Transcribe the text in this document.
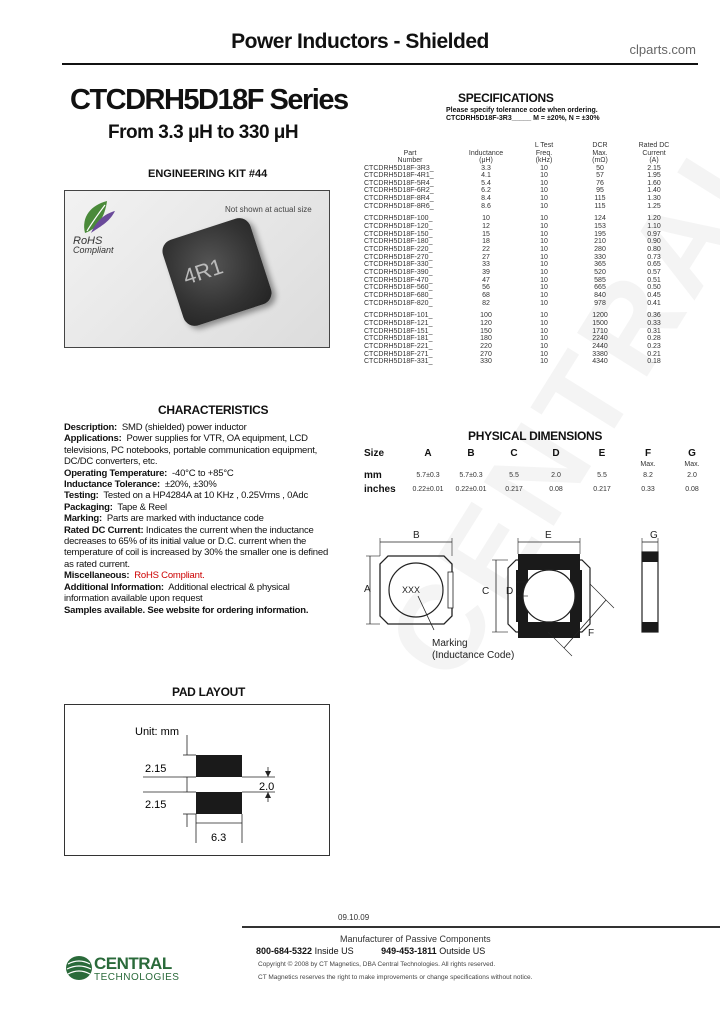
Power Inductors - Shielded	clparts.com
CTCDRH5D18F Series
From 3.3 μH to 330 μH
ENGINEERING KIT #44
Not shown at actual size
RoHS
Compliant
4R1
CHARACTERISTICS

Description: SMD (shielded) power inductor

Applications: Power supplies for VTR, OA equipment, LCD televisions, PC notebooks, portable communication equipment, DC/DC converters, etc.

Operating Temperature: -40°C to +85°C

Inductance Tolerance: ±20%, ±30%

Testing: Tested on a HP4284A at 10 KHz , 0.25Vrms , 0Adc

Packaging: Tape & Reel

Marking: Parts are marked with inductance code

Rated DC Current: Indicates the current when the inductance decreases to 65% of its initial value or D.C. current when the temperature of coil is increased by 30% the smaller one is defined as rated current.

Miscellaneous: RoHS Compliant.

Additional Information: Additional electrical & physical information available upon request

Samples available. See website for ordering information.

PAD LAYOUT
Unit: mm
2.15
2.15
2.0
6.3
SPECIFICATIONS
Please specify tolerance code when ordering.
CTCDRH5D18F-3R3_____ M = ±20%, N = ±30%
Part
Number	Inductance
(μH)	L Test
Freq.
(kHz)	DCR
Max.
(mΩ)	Rated DC
Current
(A)
CTCDRH5D18F-3R3_	3.3	10	50	2.15
CTCDRH5D18F-4R1_	4.1	10	57	1.95
CTCDRH5D18F-5R4_	5.4	10	76	1.60
CTCDRH5D18F-6R2_	6.2	10	95	1.40
CTCDRH5D18F-8R4_	8.4	10	115	1.30
CTCDRH5D18F-8R6_	8.6	10	115	1.25

CTCDRH5D18F-100_	10	10	124	1.20
CTCDRH5D18F-120_	12	10	153	1.10
CTCDRH5D18F-150_	15	10	195	0.97
CTCDRH5D18F-180_	18	10	210	0.90
CTCDRH5D18F-220_	22	10	280	0.80
CTCDRH5D18F-270_	27	10	330	0.73
CTCDRH5D18F-330_	33	10	365	0.65
CTCDRH5D18F-390_	39	10	520	0.57
CTCDRH5D18F-470_	47	10	585	0.51
CTCDRH5D18F-560_	56	10	665	0.50
CTCDRH5D18F-680_	68	10	840	0.45
CTCDRH5D18F-820_	82	10	978	0.41

CTCDRH5D18F-101_	100	10	1200	0.36
CTCDRH5D18F-121_	120	10	1500	0.33
CTCDRH5D18F-151_	150	10	1710	0.31
CTCDRH5D18F-181_	180	10	2240	0.28
CTCDRH5D18F-221_	220	10	2440	0.23
CTCDRH5D18F-271_	270	10	3380	0.21
CTCDRH5D18F-331_	330	10	4340	0.18
PHYSICAL DIMENSIONS
Size	A	B	C	D	E	F	G
						Max.	Max.
mm	5.7±0.3	5.7±0.3	5.5	2.0	5.5	8.2	2.0
inches	0.22±0.01	0.22±0.01	0.217	0.08	0.217	0.33	0.08
XXX
Marking
(Inductance Code)
A
B	E
C D
F
G
09.10.09
Manufacturer of Passive Components
800-684-5322 Inside US	949-453-1811 Outside US
Copyright © 2008 by CT Magnetics, DBA Central Technologies. All rights reserved.
CT Magnetics reserves the right to make improvements or change specifications without notice.
CENTRAL
TECHNOLOGIES
